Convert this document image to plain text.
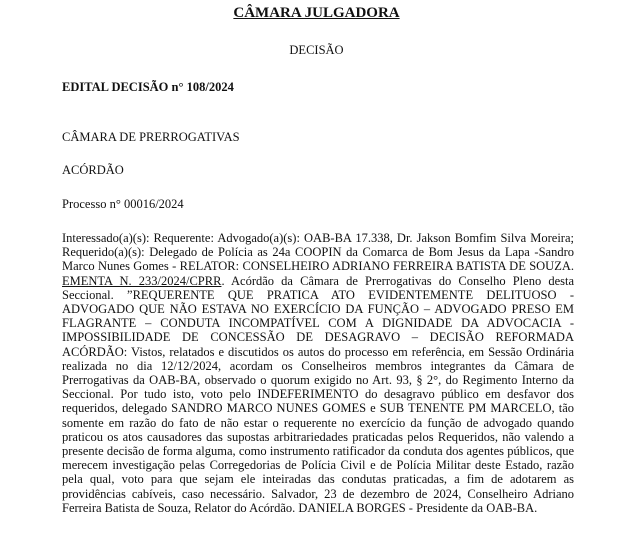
CÂMARA JULGADORA
DECISÃO
EDITAL DECISÃO n° 108/2024
CÂMARA DE PRERROGATIVAS
ACÓRDÃO
Processo n° 00016/2024

Interessado(a)(s): Requerente: Advogado(a)(s): OAB-BA 17.338, Dr. Jakson Bomfim Silva Moreira; Requerido(a)(s): Delegado de Polícia as 24a COOPIN da Comarca de Bom Jesus da Lapa -Sandro Marco Nunes Gomes - RELATOR: CONSELHEIRO ADRIANO FERREIRA BATISTA DE SOUZA. EMENTA N. 233/2024/CPRR. Acórdão da Câmara de Prerrogativas do Conselho Pleno desta Seccional. ”REQUERENTE QUE PRATICA ATO EVIDENTEMENTE DELITUOSO - ADVOGADO QUE NÃO ESTAVA NO EXERCÍCIO DA FUNÇÃO – ADVOGADO PRESO EM FLAGRANTE – CONDUTA INCOMPATÍVEL COM A DIGNIDADE DA ADVOCACIA - IMPOSSIBILIDADE DE CONCESSÃO DE DESAGRAVO – DECISÃO REFORMADA ACÓRDÃO: Vistos, relatados e discutidos os autos do processo em referência, em Sessão Ordinária realizada no dia 12/12/2024, acordam os Conselheiros membros integrantes da Câmara de Prerrogativas da OAB-BA, observado o quorum exigido no Art. 93, § 2°, do Regimento Interno da Seccional. Por tudo isto, voto pelo INDEFERIMENTO do desagravo público em desfavor dos requeridos, delegado SANDRO MARCO NUNES GOMES e SUB TENENTE PM MARCELO, tão somente em razão do fato de não estar o requerente no exercício da função de advogado quando praticou os atos causadores das supostas arbitrariedades praticadas pelos Requeridos, não valendo a presente decisão de forma alguma, como instrumento ratificador da conduta dos agentes públicos, que merecem investigação pelas Corregedorias de Polícia Civil e de Polícia Militar deste Estado, razão pela qual, voto para que sejam ele inteiradas das condutas praticadas, a fim de adotarem as providências cabíveis, caso necessário. Salvador, 23 de dezembro de 2024, Conselheiro Adriano Ferreira Batista de Souza, Relator do Acórdão. DANIELA BORGES - Presidente da OAB-BA.
